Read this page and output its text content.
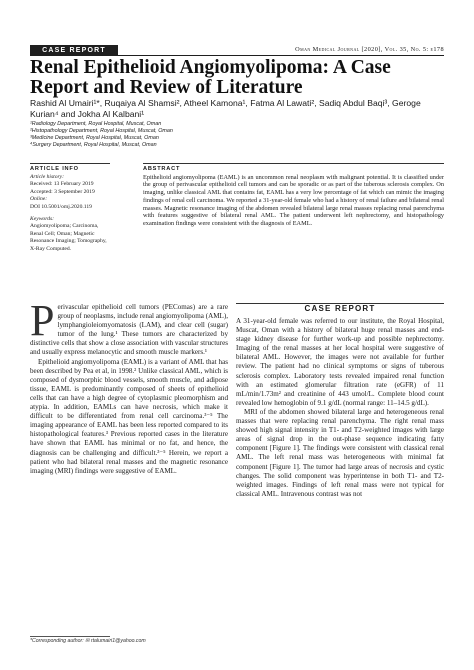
CASE REPORT	Oman Medical Journal [2020], Vol. 35, No. 5: e178
Renal Epithelioid Angiomyolipoma: A Case Report and Review of Literature
Rashid Al Umairi¹*, Ruqaiya Al Shamsi², Atheel Kamona¹, Fatma Al Lawati², Sadiq Abdul Baqi³, Geroge Kurian⁴ and Jokha Al Kalbani¹
¹Radiology Department, Royal Hospital, Muscat, Oman
²Histopathology Department, Royal Hospital, Muscat, Oman
³Medicine Department, Royal Hospital, Muscat, Oman
⁴Surgery Department, Royal Hospital, Muscat, Oman
ARTICLE INFO
Article history:
Received: 13 February 2019
Accepted: 3 September 2019
Online:
DOI 10.5001/omj.2020.119
Keywords:
Angiomyolipoma; Carcinoma, Renal Cell; Oman; Magnetic Resonance Imaging; Tomography, X-Ray Computed.
ABSTRACT
Epithelioid angiomyolipoma (EAML) is an uncommon renal neoplasm with malignant potential. It is classified under the group of perivascular epithelioid cell tumors and can be sporadic or as part of the tuberous sclerosis complex. On imaging, unlike classical AML that contains fat, EAML has a very low percentage of fat which can mimic the imaging findings of renal cell carcinoma. We reported a 31-year-old female who had a history of renal failure and bilateral renal masses. Magnetic resonance imaging of the abdomen revealed bilateral large renal masses replacing renal parenchyma with features suggestive of bilateral renal AML. The patient underwent left nephrectomy, and histopathology examination findings were consistent with the diagnosis of EAML.

Perivascular epithelioid cell tumors (PEComas) are a rare group of neoplasms, include renal angiomyolipoma (AML), lymphangioleiomyomatosis (LAM), and clear cell (sugar) tumor of the lung.¹ These tumors are characterized by distinctive cells that show a close association with vascular structures and usually express melanocytic and smooth muscle markers.¹

Epithelioid angiomyolipoma (EAML) is a variant of AML that has been described by Pea et al, in 1998.² Unlike classical AML, which is composed of dysmorphic blood vessels, smooth muscle, and adipose tissue, EAML is predominantly composed of sheets of epithelioid cells that can have a high degree of cytoplasmic pleomorphism and atypia. In addition, EAMLs can have necrosis, which make it difficult to be differentiated from renal cell carcinoma.³⁻⁵ The imaging appearance of EAML has been less reported compared to its histopathological features.³ Previous reported cases in the literature have shown that EAML has minimal or no fat, and hence, the diagnosis can be challenging and difficult.³⁻⁵ Herein, we report a patient who had bilateral renal masses and the magnetic resonance imaging (MRI) findings were suggestive of EAML.

CASE REPORT

A 31-year-old female was referred to our institute, the Royal Hospital, Muscat, Oman with a history of bilateral huge renal masses and end-stage kidney disease for further work-up and possible nephrectomy. Imaging of the renal masses at her local hospital were suggestive of bilateral AML. However, the images were not available for further review. The patient had no clinical symptoms or signs of tuberous sclerosis complex. Laboratory tests revealed impaired renal function with an estimated glomerular filtration rate (eGFR) of 11 mL/min/1.73m² and creatinine of 443 umol/L. Complete blood count revealed low hemoglobin of 9.1 g/dL (normal range: 11–14.5 g/dL).

MRI of the abdomen showed bilateral large and heterogeneous renal masses that were replacing renal parenchyma. The right renal mass showed high signal intensity in T1- and T2-weighted images with large areas of signal drop in the out-phase sequence indicating fatty component [Figure 1]. The findings were consistent with classical renal AML. The left renal mass was heterogeneous with minimal fat component [Figure 1]. The tumor had large areas of necrosis and cystic changes. The solid component was hyperintense in both T1- and T2-weighted images. Findings of left renal mass were not typical for classical AML. Intravenous contrast was not

*Corresponding author: ✉ rtalumairi1@yahoo.com
